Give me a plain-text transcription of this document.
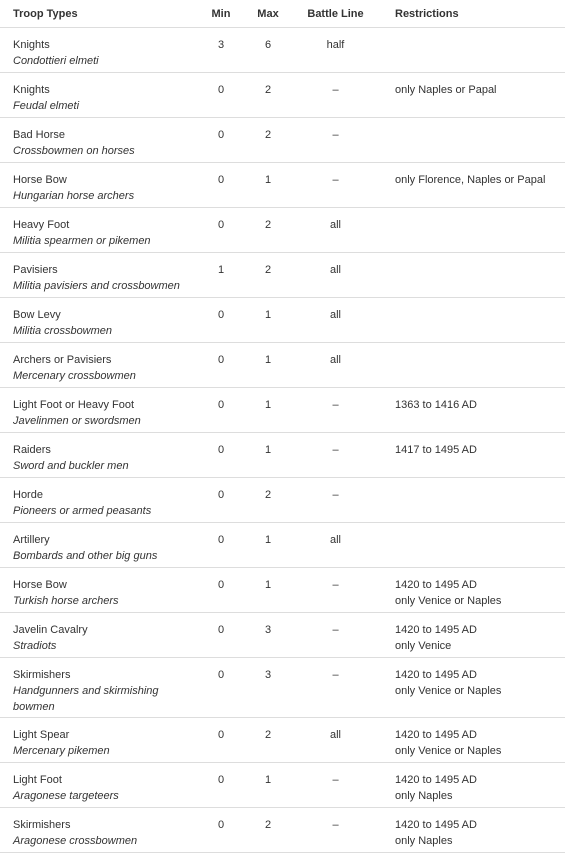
Troop Types	Min	Max	Battle Line	Restrictions

Knights
Condottieri elmeti	3	6	half	

Knights
Feudal elmeti	0	2	–	only Naples or Papal

Bad Horse
Crossbowmen on horses	0	2	–	

Horse Bow
Hungarian horse archers	0	1	–	only Florence, Naples or Papal

Heavy Foot
Militia spearmen or pikemen	0	2	all	

Pavisiers
Militia pavisiers and crossbowmen	1	2	all	

Bow Levy
Militia crossbowmen	0	1	all	

Archers or Pavisiers
Mercenary crossbowmen	0	1	all	

Light Foot or Heavy Foot
Javelinmen or swordsmen	0	1	–	1363 to 1416 AD

Raiders
Sword and buckler men	0	1	–	1417 to 1495 AD

Horde
Pioneers or armed peasants	0	2	–	

Artillery
Bombards and other big guns	0	1	all	

Horse Bow
Turkish horse archers	0	1	–	1420 to 1495 AD
only Venice or Naples

Javelin Cavalry
Stradiots	0	3	–	1420 to 1495 AD
only Venice

Skirmishers
Handgunners and skirmishing bowmen	0	3	–	1420 to 1495 AD
only Venice or Naples

Light Spear
Mercenary pikemen	0	2	all	1420 to 1495 AD
only Venice or Naples

Light Foot
Aragonese targeteers	0	1	–	1420 to 1495 AD
only Naples

Skirmishers
Aragonese crossbowmen	0	2	–	1420 to 1495 AD
only Naples
